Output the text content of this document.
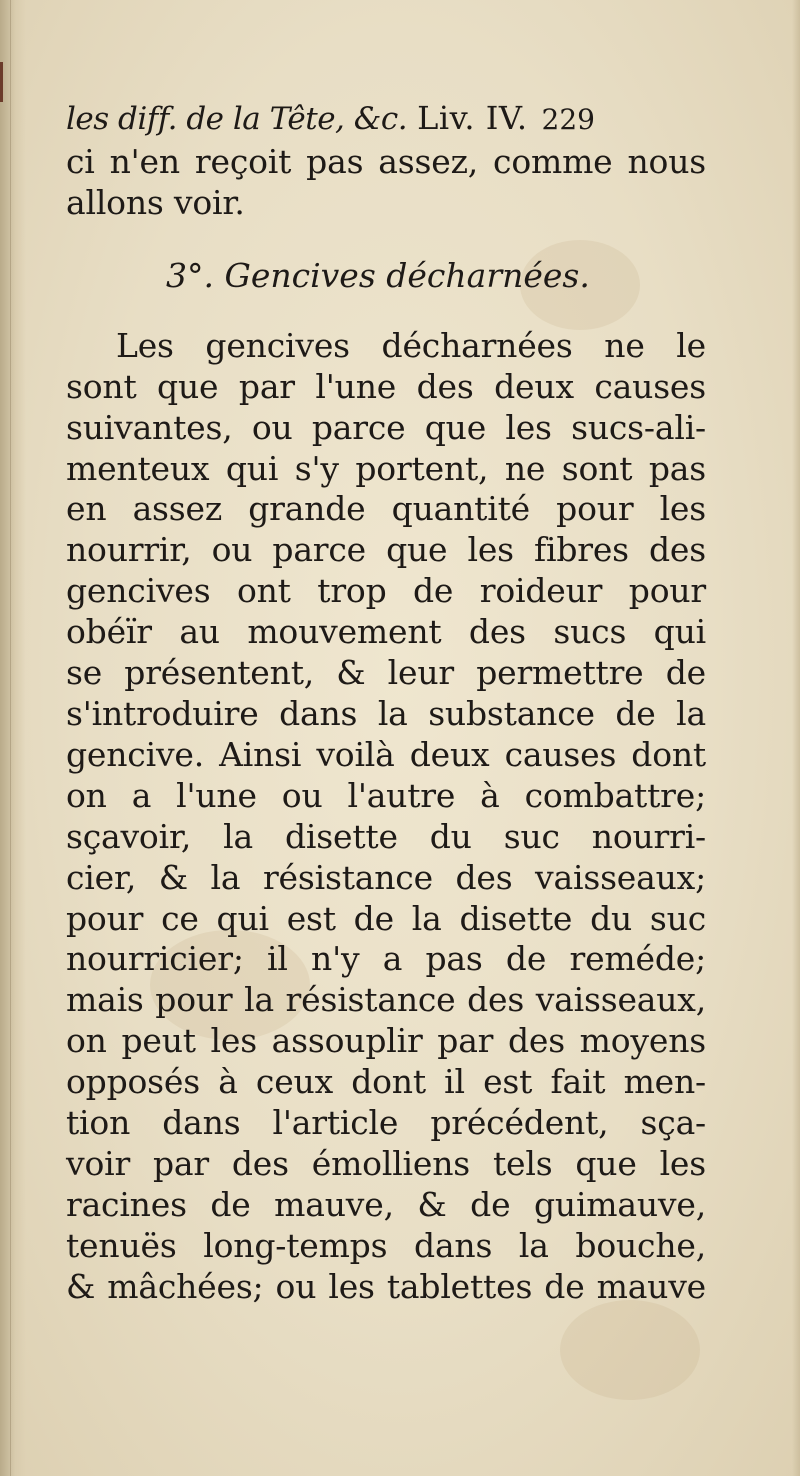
les diff. de la Tête, &c. Liv. IV. 229
ci n'en reçoit pas assez, comme nous
allons voir.
3°. Gencives décharnées.
Les gencives décharnées ne le
sont que par l'une des deux causes
suivantes, ou parce que les sucs-ali-
menteux qui s'y portent, ne sont pas
en assez grande quantité pour les
nourrir, ou parce que les fibres des
gencives ont trop de roideur pour
obéïr au mouvement des sucs qui
se présentent, & leur permettre de
s'introduire dans la substance de la
gencive. Ainsi voilà deux causes dont
on a l'une ou l'autre à combattre;
sçavoir, la disette du suc nourri-
cier, & la résistance des vaisseaux;
pour ce qui est de la disette du suc
nourricier; il n'y a pas de reméde;
mais pour la résistance des vaisseaux,
on peut les assouplir par des moyens
opposés à ceux dont il est fait men-
tion dans l'article précédent, sça-
voir par des émolliens tels que les
racines de mauve, & de guimauve,
tenuës long-temps dans la bouche,
& mâchées; ou les tablettes de mauve
